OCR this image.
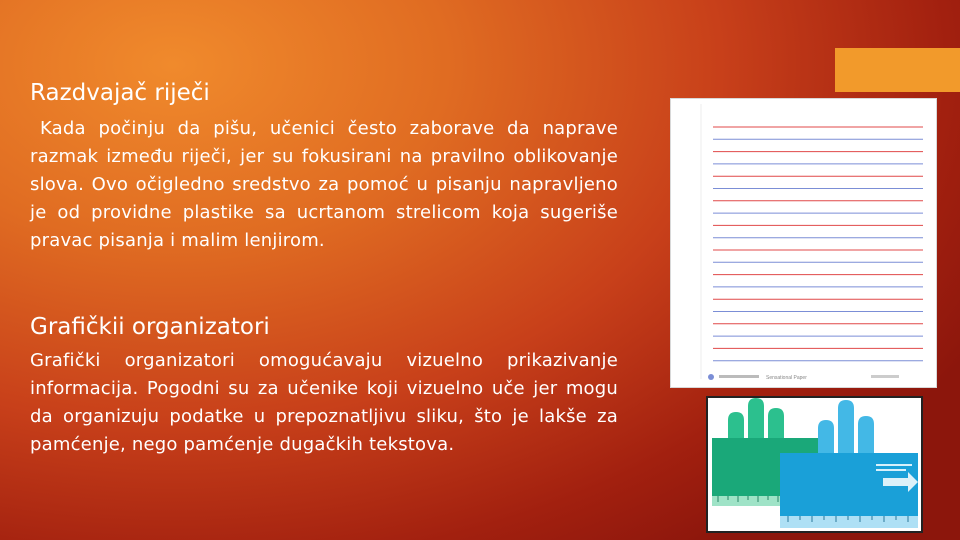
Razdvajač riječi

Kada počinju da pišu, učenici često zaborave da naprave razmak između riječi, jer su fokusirani na pravilno oblikovanje slova. Ovo očigledno sredstvo za pomoć u pisanju napravljeno je od providne plastike sa ucrtanom strelicom koja sugeriše pravac pisanja i malim lenjirom.

Grafičkii organizatori

Grafički organizatori omogućavaju vizuelno prikazivanje informacija. Pogodni su za učenike koji vizuelno uče jer mogu da organizuju podatke u prepoznatljivu sliku, što je lakše za pamćenje, nego pamćenje dugačkih tekstova.

Sensational Paper
